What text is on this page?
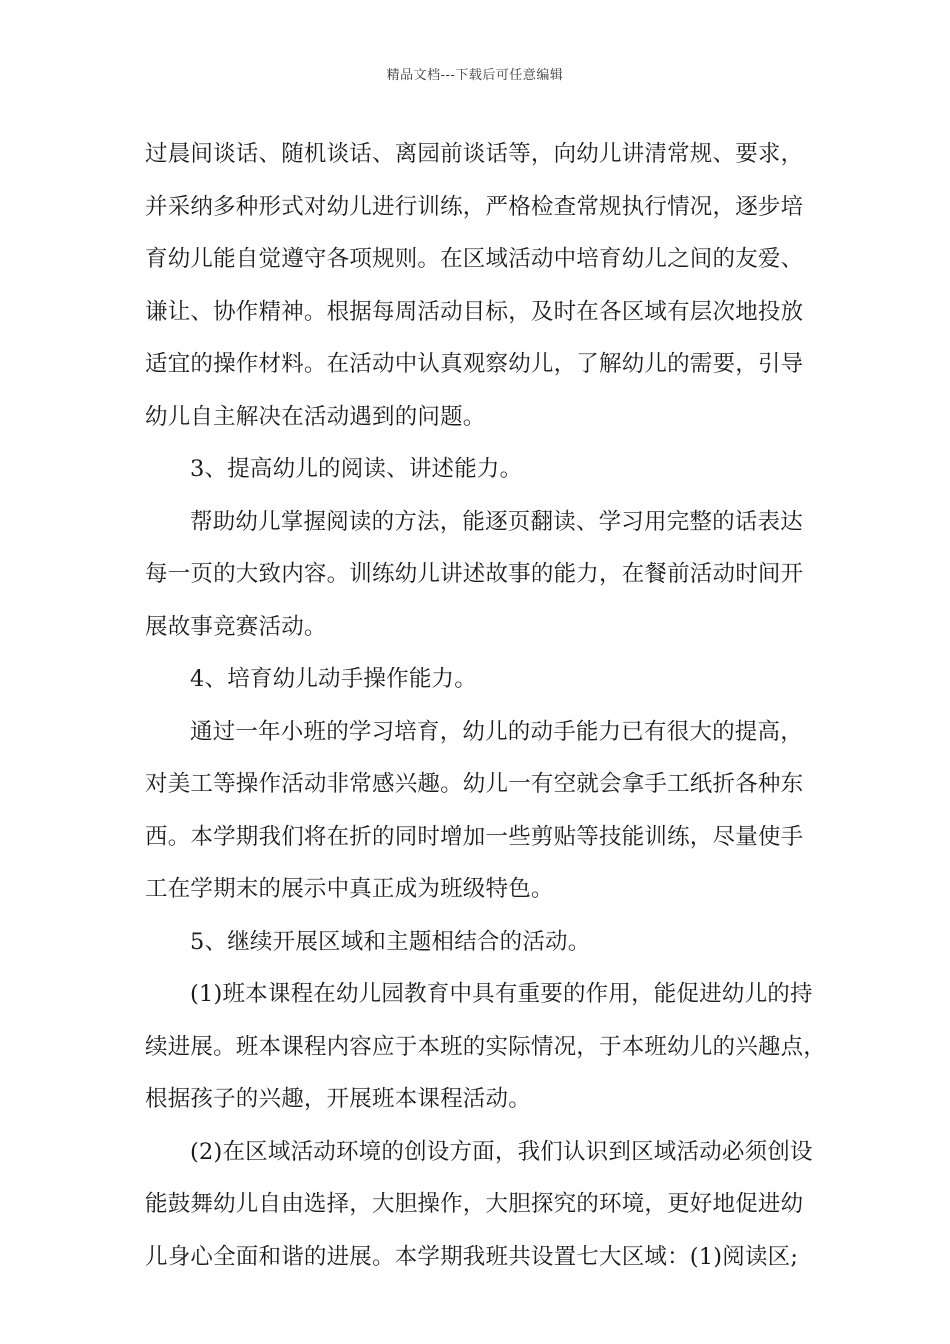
精品文档---下载后可任意编辑
过晨间谈话、随机谈话、离园前谈话等，向幼儿讲清常规、要求，
并采纳多种形式对幼儿进行训练，严格检查常规执行情况，逐步培
育幼儿能自觉遵守各项规则。在区域活动中培育幼儿之间的友爱、
谦让、协作精神。根据每周活动目标，及时在各区域有层次地投放
适宜的操作材料。在活动中认真观察幼儿，了解幼儿的需要，引导
幼儿自主解决在活动遇到的问题。
3、提高幼儿的阅读、讲述能力。
帮助幼儿掌握阅读的方法，能逐页翻读、学习用完整的话表达
每一页的大致内容。训练幼儿讲述故事的能力，在餐前活动时间开
展故事竞赛活动。
4、培育幼儿动手操作能力。
通过一年小班的学习培育，幼儿的动手能力已有很大的提高，
对美工等操作活动非常感兴趣。幼儿一有空就会拿手工纸折各种东
西。本学期我们将在折的同时增加一些剪贴等技能训练，尽量使手
工在学期末的展示中真正成为班级特色。
5、继续开展区域和主题相结合的活动。
(1)班本课程在幼儿园教育中具有重要的作用，能促进幼儿的持
续进展。班本课程内容应于本班的实际情况，于本班幼儿的兴趣点，
根据孩子的兴趣，开展班本课程活动。
(2)在区域活动环境的创设方面，我们认识到区域活动必须创设
能鼓舞幼儿自由选择，大胆操作，大胆探究的环境，更好地促进幼
儿身心全面和谐的进展。本学期我班共设置七大区域：(1)阅读区;
